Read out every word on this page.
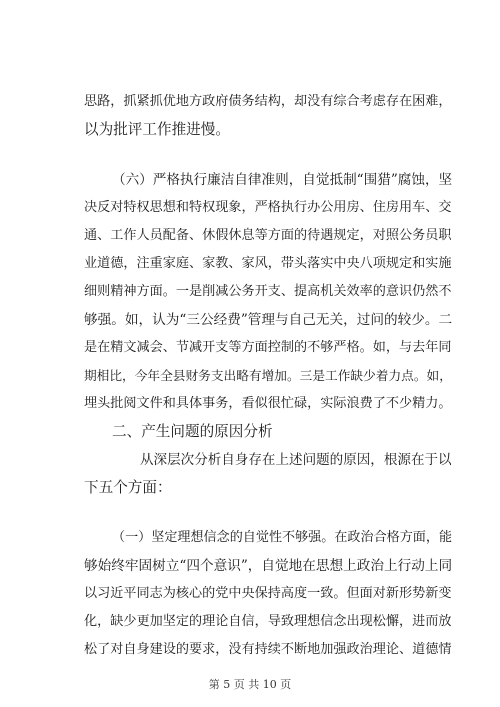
思路，抓紧抓优地方政府债务结构，却没有综合考虑存在困难，
以为批评工作推进慢。
（六）严格执行廉洁自律准则，自觉抵制“围猎”腐蚀，坚
决反对特权思想和特权现象，严格执行办公用房、住房用车、交
通、工作人员配备、休假休息等方面的待遇规定，对照公务员职
业道德，注重家庭、家教、家风，带头落实中央八项规定和实施
细则精神方面。一是削减公务开支、提高机关效率的意识仍然不
够强。如，认为“三公经费”管理与自己无关，过问的较少。二
是在精文减会、节减开支等方面控制的不够严格。如，与去年同
期相比，今年全县财务支出略有增加。三是工作缺少着力点。如，
埋头批阅文件和具体事务，看似很忙碌，实际浪费了不少精力。
二、产生问题的原因分析
从深层次分析自身存在上述问题的原因，根源在于以
下五个方面：
（一）坚定理想信念的自觉性不够强。在政治合格方面，能
够始终牢固树立“四个意识”，自觉地在思想上政治上行动上同
以习近平同志为核心的党中央保持高度一致。但面对新形势新变
化，缺少更加坚定的理论自信，导致理想信念出现松懈，进而放
松了对自身建设的要求，没有持续不断地加强政治理论、道德情
第 5 页 共 10 页
